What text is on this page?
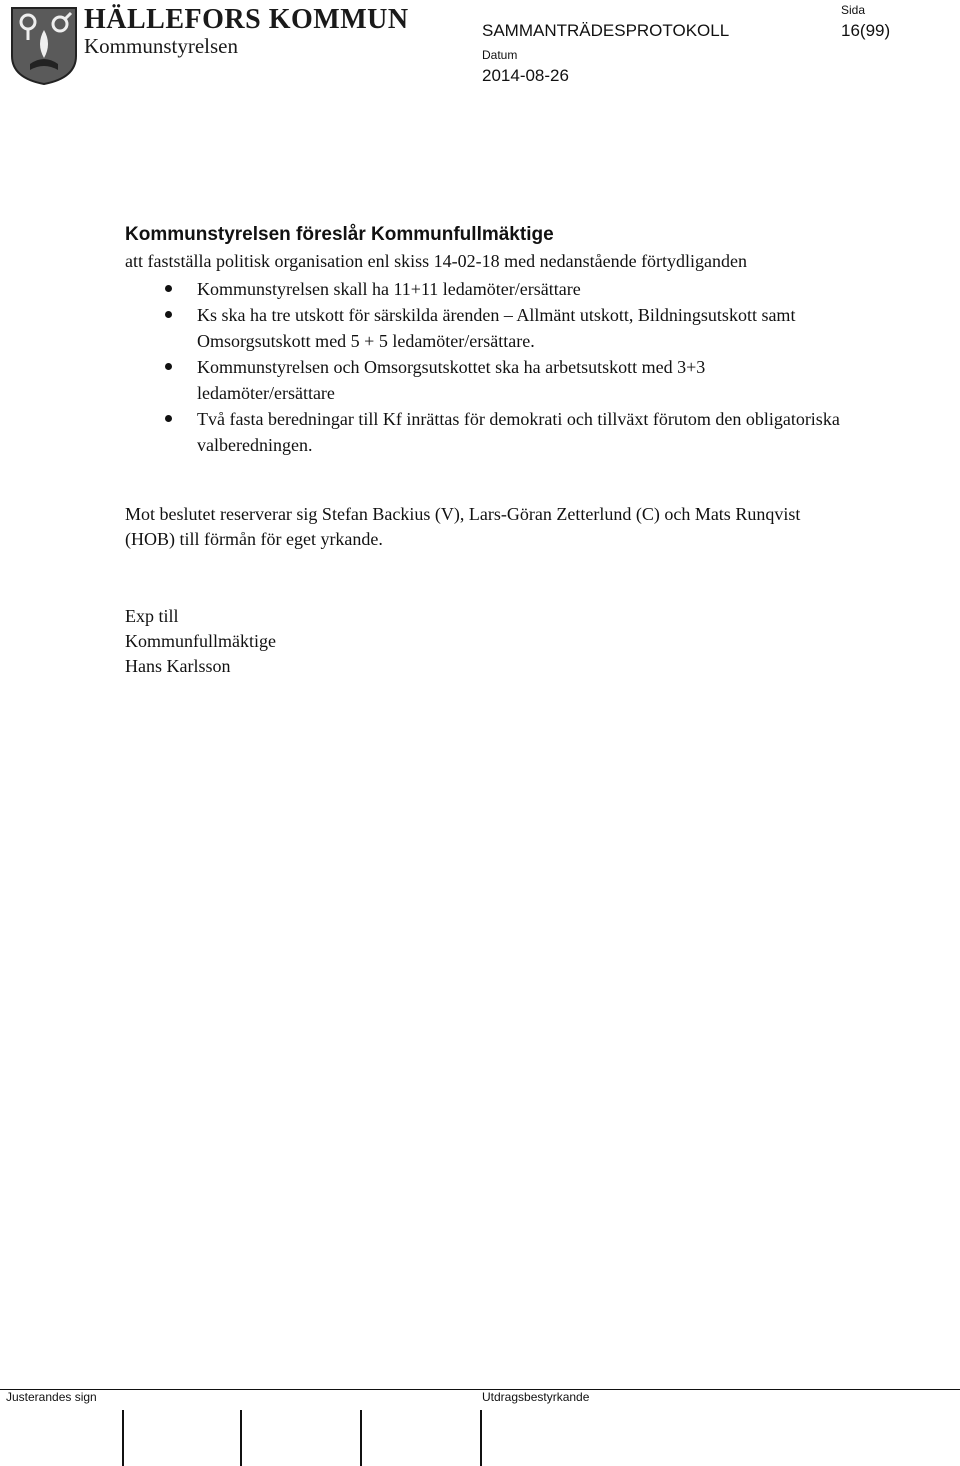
HÄLLEFORS KOMMUN
Kommunstyrelsen
SAMMANTRÄDESPROTOKOLL
Sida
16(99)
Datum
2014-08-26
Kommunstyrelsen föreslår Kommunfullmäktige

att fastställa politisk organisation enl skiss 14-02-18 med nedanstående förtydliganden

Kommunstyrelsen skall ha 11+11 ledamöter/ersättare
Ks ska ha tre utskott för särskilda ärenden – Allmänt utskott, Bildningsutskott samt Omsorgsutskott med 5 + 5 ledamöter/ersättare.
Kommunstyrelsen och Omsorgsutskottet ska ha arbetsutskott med 3+3 ledamöter/ersättare
Två fasta beredningar till Kf inrättas för demokrati och tillväxt förutom den obligatoriska valberedningen.

Mot beslutet reserverar sig Stefan Backius (V), Lars-Göran Zetterlund (C) och Mats Runqvist (HOB) till förmån för eget yrkande.

Exp till
Kommunfullmäktige
Hans Karlsson
Justerandes sign	Utdragsbestyrkande
